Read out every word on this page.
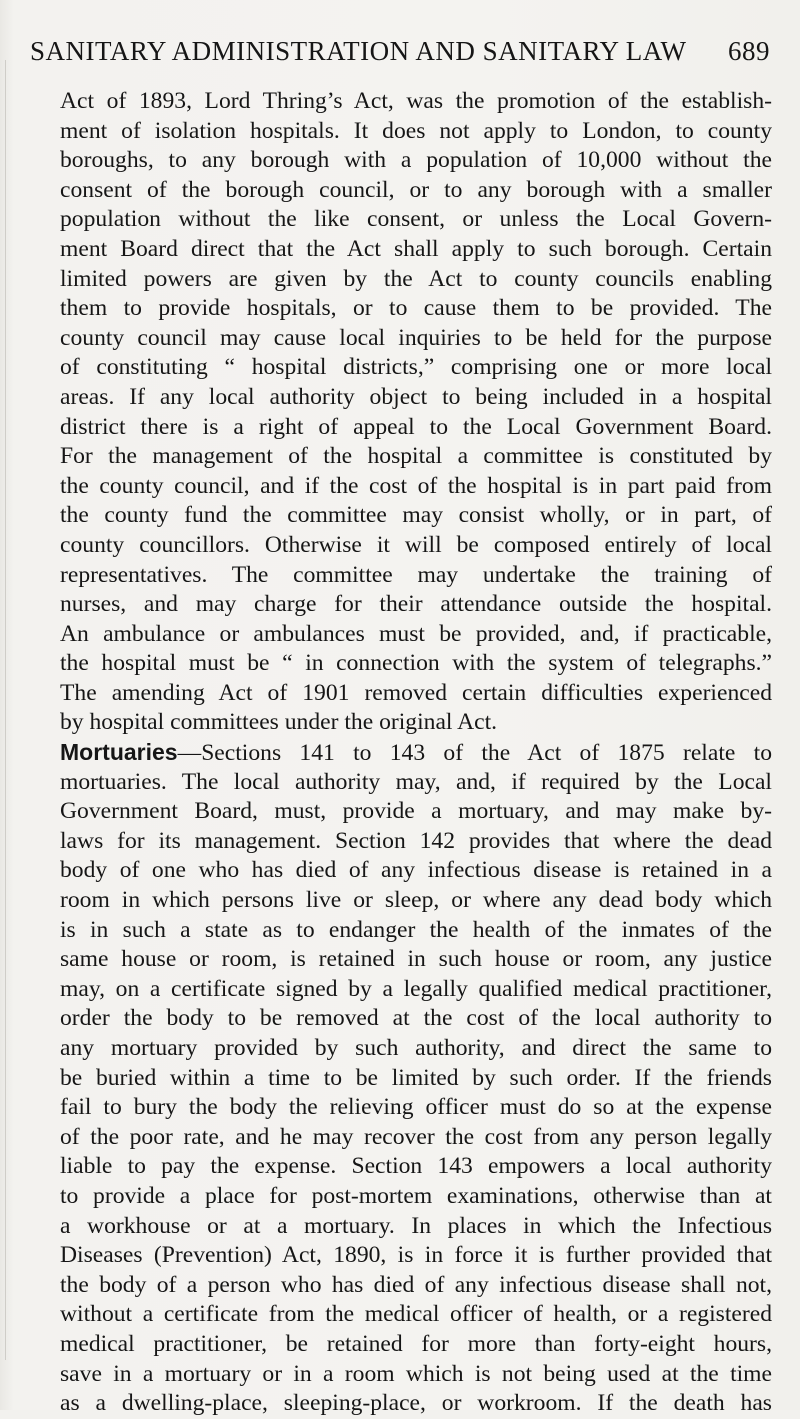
SANITARY ADMINISTRATION AND SANITARY LAW 689
Act of 1893, Lord Thring’s Act, was the promotion of the establish-
ment of isolation hospitals. It does not apply to London, to county
boroughs, to any borough with a population of 10,000 without the
consent of the borough council, or to any borough with a smaller
population without the like consent, or unless the Local Govern-
ment Board direct that the Act shall apply to such borough. Certain
limited powers are given by the Act to county councils enabling
them to provide hospitals, or to cause them to be provided. The
county council may cause local inquiries to be held for the purpose
of constituting “ hospital districts,” comprising one or more local
areas. If any local authority object to being included in a hospital
district there is a right of appeal to the Local Government Board.
For the management of the hospital a committee is constituted by
the county council, and if the cost of the hospital is in part paid from
the county fund the committee may consist wholly, or in part, of
county councillors. Otherwise it will be composed entirely of local
representatives. The committee may undertake the training of
nurses, and may charge for their attendance outside the hospital.
An ambulance or ambulances must be provided, and, if practicable,
the hospital must be “ in connection with the system of telegraphs.”
The amending Act of 1901 removed certain difficulties experienced
by hospital committees under the original Act.
Mortuaries—Sections 141 to 143 of the Act of 1875 relate to
mortuaries. The local authority may, and, if required by the Local
Government Board, must, provide a mortuary, and may make by-
laws for its management. Section 142 provides that where the dead
body of one who has died of any infectious disease is retained in a
room in which persons live or sleep, or where any dead body which
is in such a state as to endanger the health of the inmates of the
same house or room, is retained in such house or room, any justice
may, on a certificate signed by a legally qualified medical practitioner,
order the body to be removed at the cost of the local authority to
any mortuary provided by such authority, and direct the same to
be buried within a time to be limited by such order. If the friends
fail to bury the body the relieving officer must do so at the expense
of the poor rate, and he may recover the cost from any person legally
liable to pay the expense. Section 143 empowers a local authority
to provide a place for post-mortem examinations, otherwise than at
a workhouse or at a mortuary. In places in which the Infectious
Diseases (Prevention) Act, 1890, is in force it is further provided that
the body of a person who has died of any infectious disease shall not,
without a certificate from the medical officer of health, or a registered
medical practitioner, be retained for more than forty-eight hours,
save in a mortuary or in a room which is not being used at the time
as a dwelling-place, sleeping-place, or workroom. If the death has
